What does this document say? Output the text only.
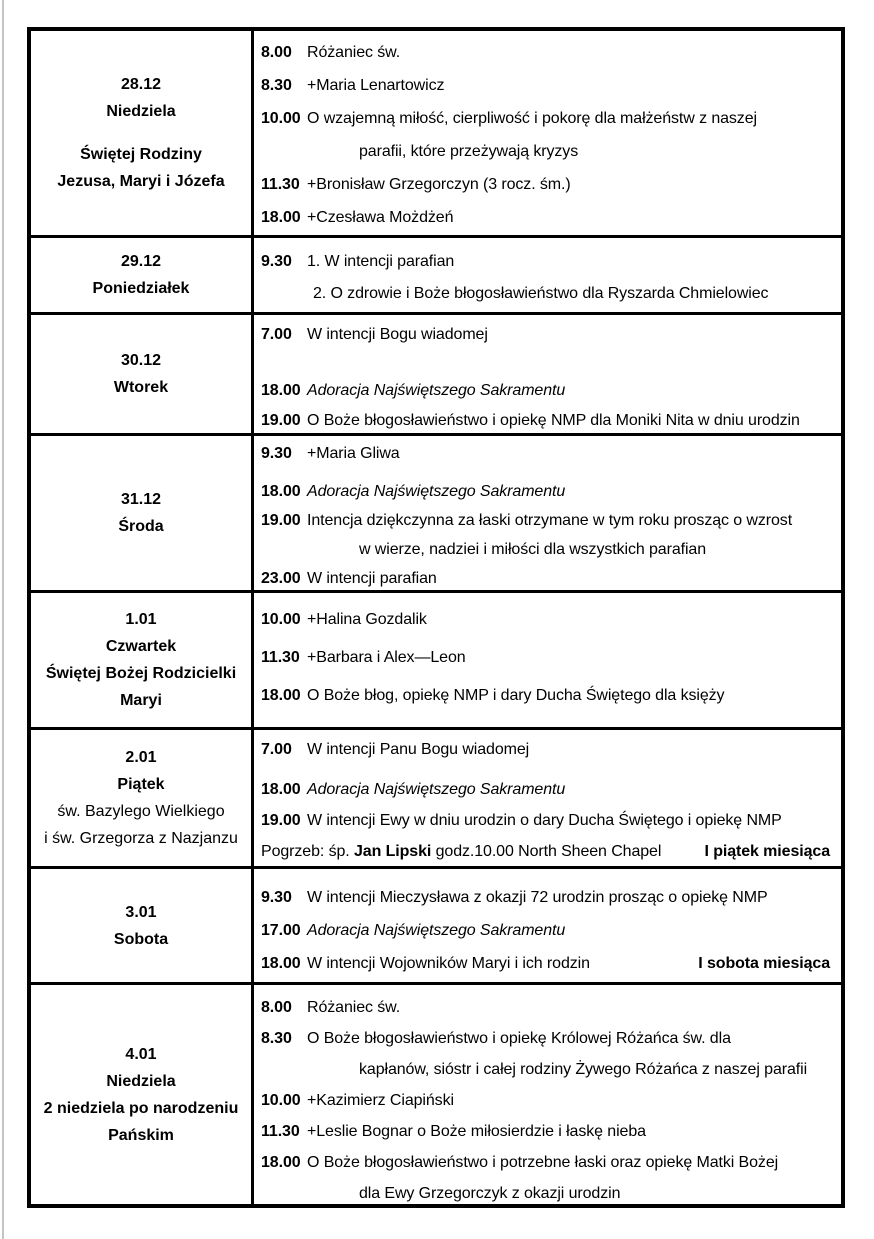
28.12
Niedziela
Świętej Rodziny
Jezusa, Maryi i Józefa
8.00 Różaniec św.
8.30 +Maria Lenartowicz
10.00 O wzajemną miłość, cierpliwość i pokorę dla małżeństw z naszej
parafii, które przeżywają kryzys
11.30 +Bronisław Grzegorczyn (3 rocz. śm.)
18.00 +Czesława Możdżeń
29.12
Poniedziałek
9.30 1. W intencji parafian
2. O zdrowie i Boże błogosławieństwo dla Ryszarda Chmielowiec
30.12
Wtorek
7.00 W intencji Bogu wiadomej
18.00 Adoracja Najświętszego Sakramentu
19.00 O Boże błogosławieństwo i opiekę NMP dla Moniki Nita w dniu urodzin
31.12
Środa
9.30 +Maria Gliwa
18.00 Adoracja Najświętszego Sakramentu
19.00 Intencja dziękczynna za łaski otrzymane w tym roku prosząc o wzrost
w wierze, nadziei i miłości dla wszystkich parafian
23.00 W intencji parafian
1.01
Czwartek
Świętej Bożej Rodzicielki
Maryi
10.00 +Halina Gozdalik
11.30 +Barbara i Alex—Leon
18.00 O Boże błog, opiekę NMP i dary Ducha Świętego dla księży
2.01
Piątek
św. Bazylego Wielkiego
i św. Grzegorza z Nazjanzu
7.00 W intencji Panu Bogu wiadomej
18.00 Adoracja Najświętszego Sakramentu
19.00 W intencji Ewy w dniu urodzin o dary Ducha Świętego i opiekę NMP
Pogrzeb: śp. Jan Lipski godz.10.00 North Sheen Chapel	I piątek miesiąca
3.01
Sobota
9.30 W intencji Mieczysława z okazji 72 urodzin prosząc o opiekę NMP
17.00 Adoracja Najświętszego Sakramentu
18.00 W intencji Wojowników Maryi i ich rodzin	I sobota miesiąca
4.01
Niedziela
2 niedziela po narodzeniu
Pańskim
8.00 Różaniec św.
8.30 O Boże błogosławieństwo i opiekę Królowej Różańca św. dla
kapłanów, sióstr i całej rodziny Żywego Różańca z naszej parafii
10.00 +Kazimierz Ciapiński
11.30 +Leslie Bognar o Boże miłosierdzie i łaskę nieba
18.00 O Boże błogosławieństwo i potrzebne łaski oraz opiekę Matki Bożej
dla Ewy Grzegorczyk z okazji urodzin
